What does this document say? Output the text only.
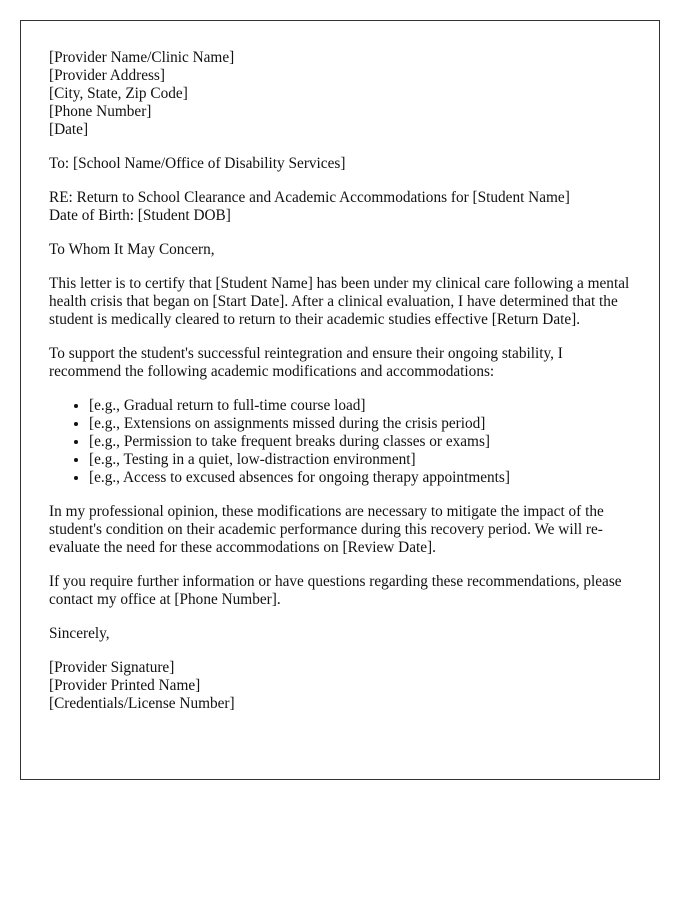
[Provider Name/Clinic Name]
[Provider Address]
[City, State, Zip Code]
[Phone Number]
[Date]

To: [School Name/Office of Disability Services]

RE: Return to School Clearance and Academic Accommodations for [Student Name]
Date of Birth: [Student DOB]

To Whom It May Concern,

This letter is to certify that [Student Name] has been under my clinical care following a mental health crisis that began on [Start Date]. After a clinical evaluation, I have determined that the student is medically cleared to return to their academic studies effective [Return Date].

To support the student's successful reintegration and ensure their ongoing stability, I recommend the following academic modifications and accommodations:

• [e.g., Gradual return to full-time course load]
• [e.g., Extensions on assignments missed during the crisis period]
• [e.g., Permission to take frequent breaks during classes or exams]
• [e.g., Testing in a quiet, low-distraction environment]
• [e.g., Access to excused absences for ongoing therapy appointments]

In my professional opinion, these modifications are necessary to mitigate the impact of the student's condition on their academic performance during this recovery period. We will re-evaluate the need for these accommodations on [Review Date].

If you require further information or have questions regarding these recommendations, please contact my office at [Phone Number].

Sincerely,

[Provider Signature]
[Provider Printed Name]
[Credentials/License Number]
